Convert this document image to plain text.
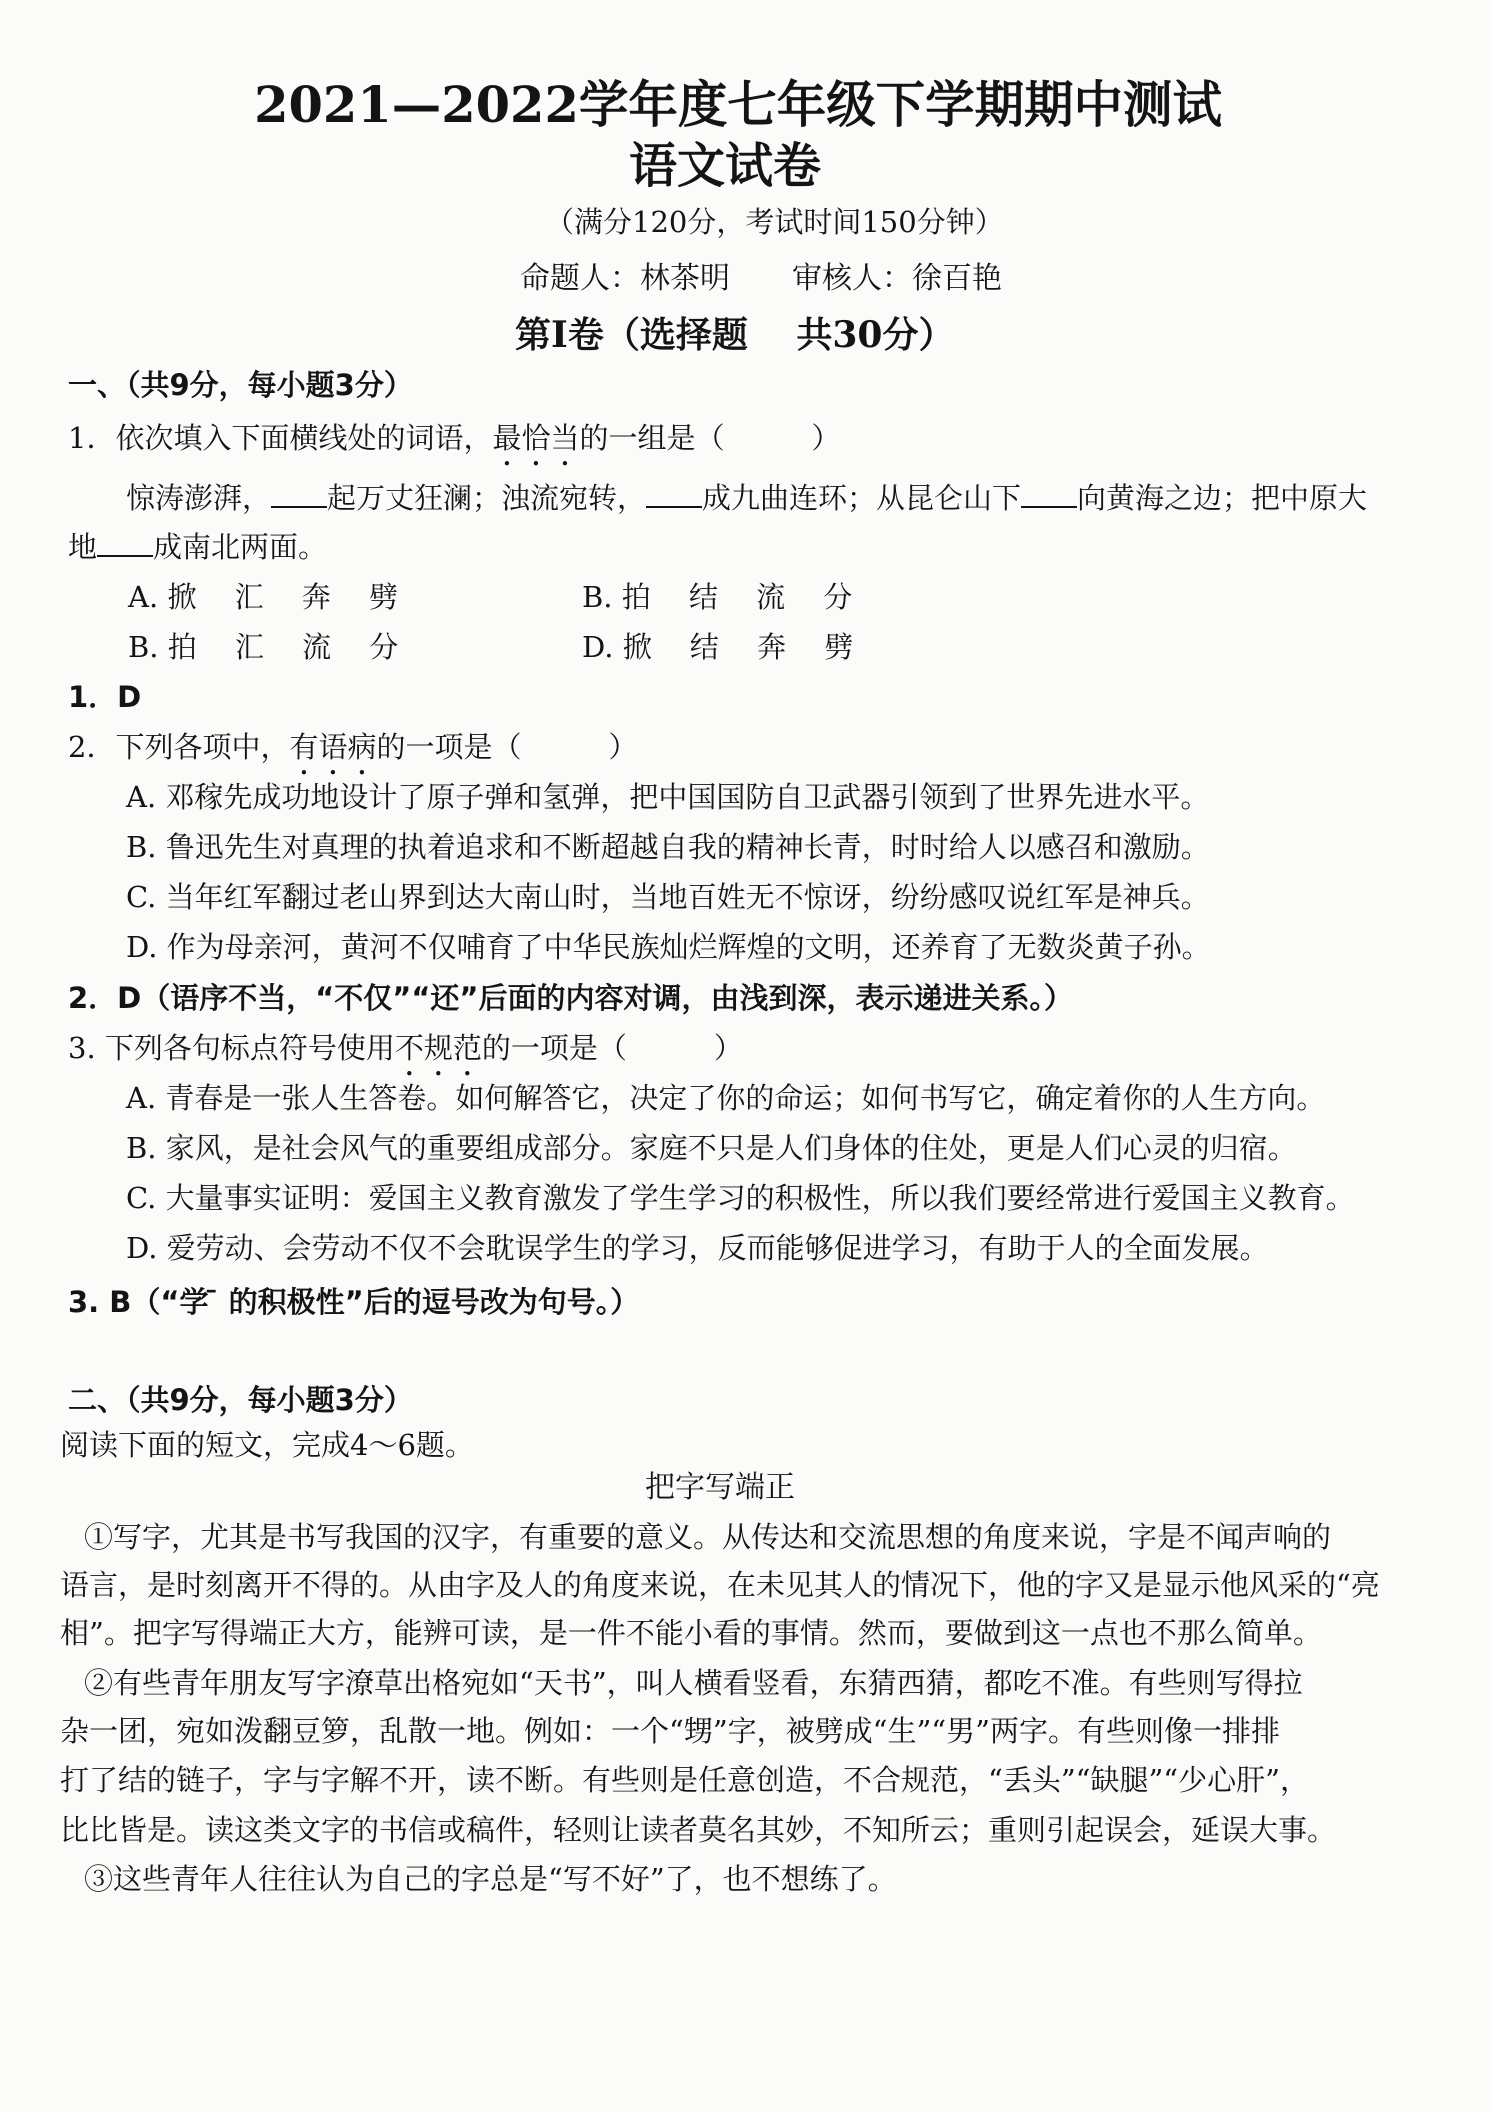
2021—2022学年度七年级下学期期中测试
语文试卷
（满分120分，考试时间150分钟）
命题人：林茶明 审核人：徐百艳
第Ⅰ卷（选择题　 共30分）
一、（共9分，每小题3分）
1．依次填入下面横线处的词语，最恰当的一组是（　　　）
惊涛澎湃， 起万丈狂澜；浊流宛转， 成九曲连环；从昆仑山下 向黄海之边；把中原大
地 成南北两面。
A. 掀　 汇　 奔　 劈	B. 拍　 结　 流　 分
B. 拍　 汇　 流　 分	D. 掀　 结　 奔　 劈
1．D
2．下列各项中，有语病的一项是（　　　）
A. 邓稼先成功地设计了原子弹和氢弹，把中国国防自卫武器引领到了世界先进水平。
B. 鲁迅先生对真理的执着追求和不断超越自我的精神长青，时时给人以感召和激励。
C. 当年红军翻过老山界到达大南山时，当地百姓无不惊讶，纷纷感叹说红军是神兵。
D. 作为母亲河，黄河不仅哺育了中华民族灿烂辉煌的文明，还养育了无数炎黄子孙。
2．D（语序不当，“不仅”“还”后面的内容对调，由浅到深，表示递进关系。）
3. 下列各句标点符号使用不规范的一项是（　　　）
A. 青春是一张人生答卷。如何解答它，决定了你的命运；如何书写它，确定着你的人生方向。
B. 家风，是社会风气的重要组成部分。家庭不只是人们身体的住处，更是人们心灵的归宿。
C. 大量事实证明：爱国主义教育激发了学生学习的积极性，所以我们要经常进行爱国主义教育。
D. 爱劳动、会劳动不仅不会耽误学生的学习，反而能够促进学习，有助于人的全面发展。
3. B（“学 ̄ 的积极性”后的逗号改为句号。）
二、（共9分，每小题3分）
阅读下面的短文，完成4～6题。
把字写端正
①写字，尤其是书写我国的汉字，有重要的意义。从传达和交流思想的角度来说，字是不闻声响的
语言，是时刻离开不得的。从由字及人的角度来说，在未见其人的情况下，他的字又是显示他风采的“亮
相”。把字写得端正大方，能辨可读，是一件不能小看的事情。然而，要做到这一点也不那么简单。
②有些青年朋友写字潦草出格宛如“天书”，叫人横看竖看，东猜西猜，都吃不准。有些则写得拉
杂一团，宛如泼翻豆箩，乱散一地。例如：一个“甥”字，被劈成“生”“男”两字。有些则像一排排
打了结的链子，字与字解不开，读不断。有些则是任意创造，不合规范，“丢头”“缺腿”“少心肝”，
比比皆是。读这类文字的书信或稿件，轻则让读者莫名其妙，不知所云；重则引起误会，延误大事。
③这些青年人往往认为自己的字总是“写不好”了，也不想练了。
